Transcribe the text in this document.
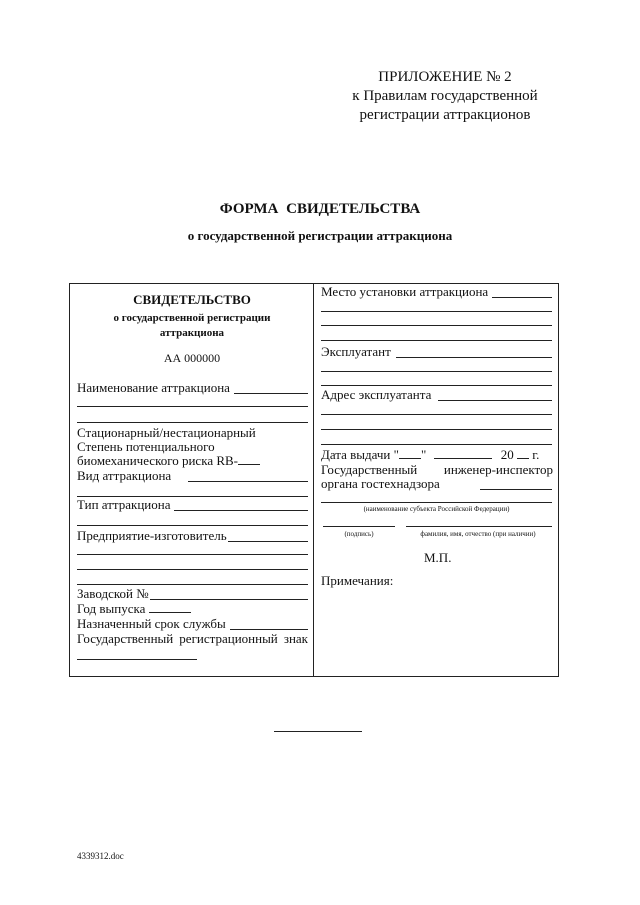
ПРИЛОЖЕНИЕ № 2
к Правилам государственной
регистрации аттракционов
ФОРМА СВИДЕТЕЛЬСТВА
о государственной регистрации аттракциона
СВИДЕТЕЛЬСТВО
о государственной регистрации
аттракциона
АА 000000
Наименование аттракциона
Стационарный/нестационарный
Степень потенциального
биомеханического риска RB-
Вид аттракциона
Тип аттракциона
Предприятие-изготовитель
Заводской №
Год выпуска
Назначенный срок службы
Государственный регистрационный знак
Место установки аттракциона
Эксплуатант
Адрес эксплуатанта
Дата выдачи " "	20 г.
Государственный инженер-инспектор
органа гостехнадзора
(наименование субъекта Российской Федерации)
(подпись)	фамилия, имя, отчество (при наличии)
М.П.
Примечания:
4339312.doc
